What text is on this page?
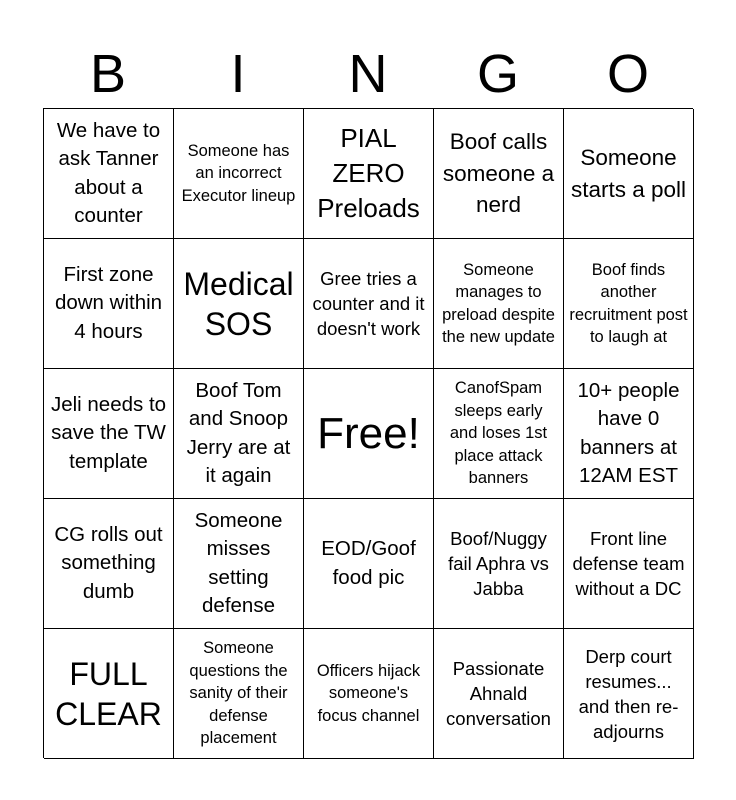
B	I	N	G	O
We have to ask Tanner about a counter
Someone has an incorrect Executor lineup
PIAL ZERO Preloads
Boof calls someone a nerd
Someone starts a poll
First zone down within 4 hours
Medical SOS
Gree tries a counter and it doesn't work
Someone manages to preload despite the new update
Boof finds another recruitment post to laugh at
Jeli needs to save the TW template
Boof Tom and Snoop Jerry are at it again
Free!
CanofSpam sleeps early and loses 1st place attack banners
10+ people have 0 banners at 12AM EST
CG rolls out something dumb
Someone misses setting defense
EOD/Goof food pic
Boof/Nuggy fail Aphra vs Jabba
Front line defense team without a DC
FULL CLEAR
Someone questions the sanity of their defense placement
Officers hijack someone's focus channel
Passionate Ahnald conversation
Derp court resumes... and then re-adjourns
